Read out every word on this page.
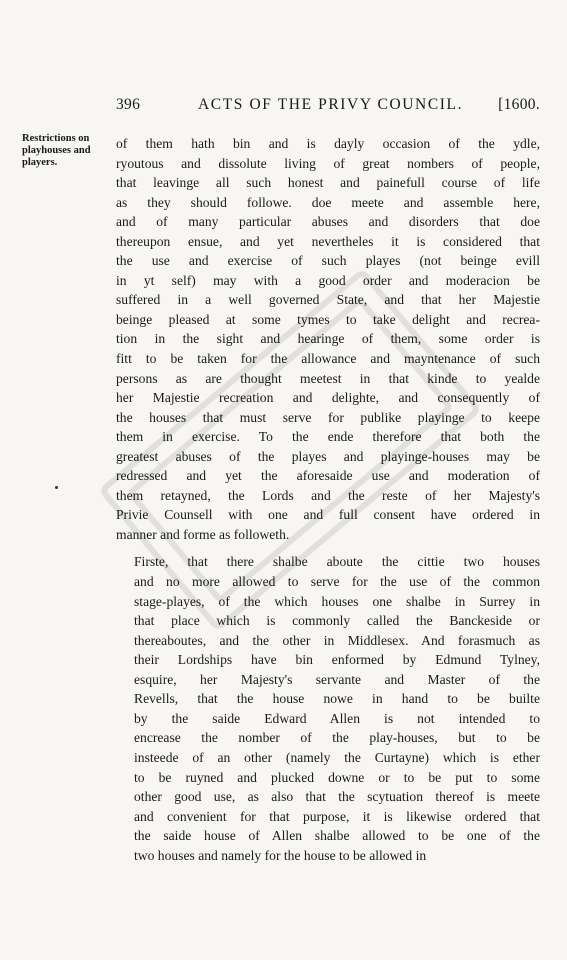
396	ACTS OF THE PRIVY COUNCIL. [1600.
Restrictions on playhouses and players.
of them hath bin and is dayly occasion of the ydle,
ryoutous and dissolute living of great nombers of people,
that leavinge all such honest and painefull course of life
as they should followe. doe meete and assemble here,
and of many particular abuses and disorders that doe
thereupon ensue, and yet nevertheles it is considered that
the use and exercise of such playes (not beinge evill
in yt self) may with a good order and moderacion be
suffered in a well governed State, and that her Majestie
beinge pleased at some tymes to take delight and recrea-
tion in the sight and hearinge of them, some order is
fitt to be taken for the allowance and mayntenance of such
persons as are thought meetest in that kinde to yealde
her Majestie recreation and delighte, and consequently of
the houses that must serve for publike playinge to keepe
them in exercise. To the ende therefore that both the
greatest abuses of the playes and playinge-houses may be
redressed and yet the aforesaide use and moderation of
them retayned, the Lords and the reste of her Majesty's
Privie Counsell with one and full consent have ordered in
manner and forme as followeth.
Firste, that there shalbe aboute the cittie two houses
and no more allowed to serve for the use of the common
stage-playes, of the which houses one shalbe in Surrey in
that place which is commonly called the Banckeside or
thereaboutes, and the other in Middlesex. And forasmuch as
their Lordships have bin enformed by Edmund Tylney,
esquire, her Majesty's servante and Master of the
Revells, that the house nowe in hand to be builte
by the saide Edward Allen is not intended to
encrease the nomber of the play-houses, but to be
insteede of an other (namely the Curtayne) which is ether
to be ruyned and plucked downe or to be put to some
other good use, as also that the scytuation thereof is meete
and convenient for that purpose, it is likewise ordered that
the saide house of Allen shalbe allowed to be one of the
two houses and namely for the house to be allowed in
